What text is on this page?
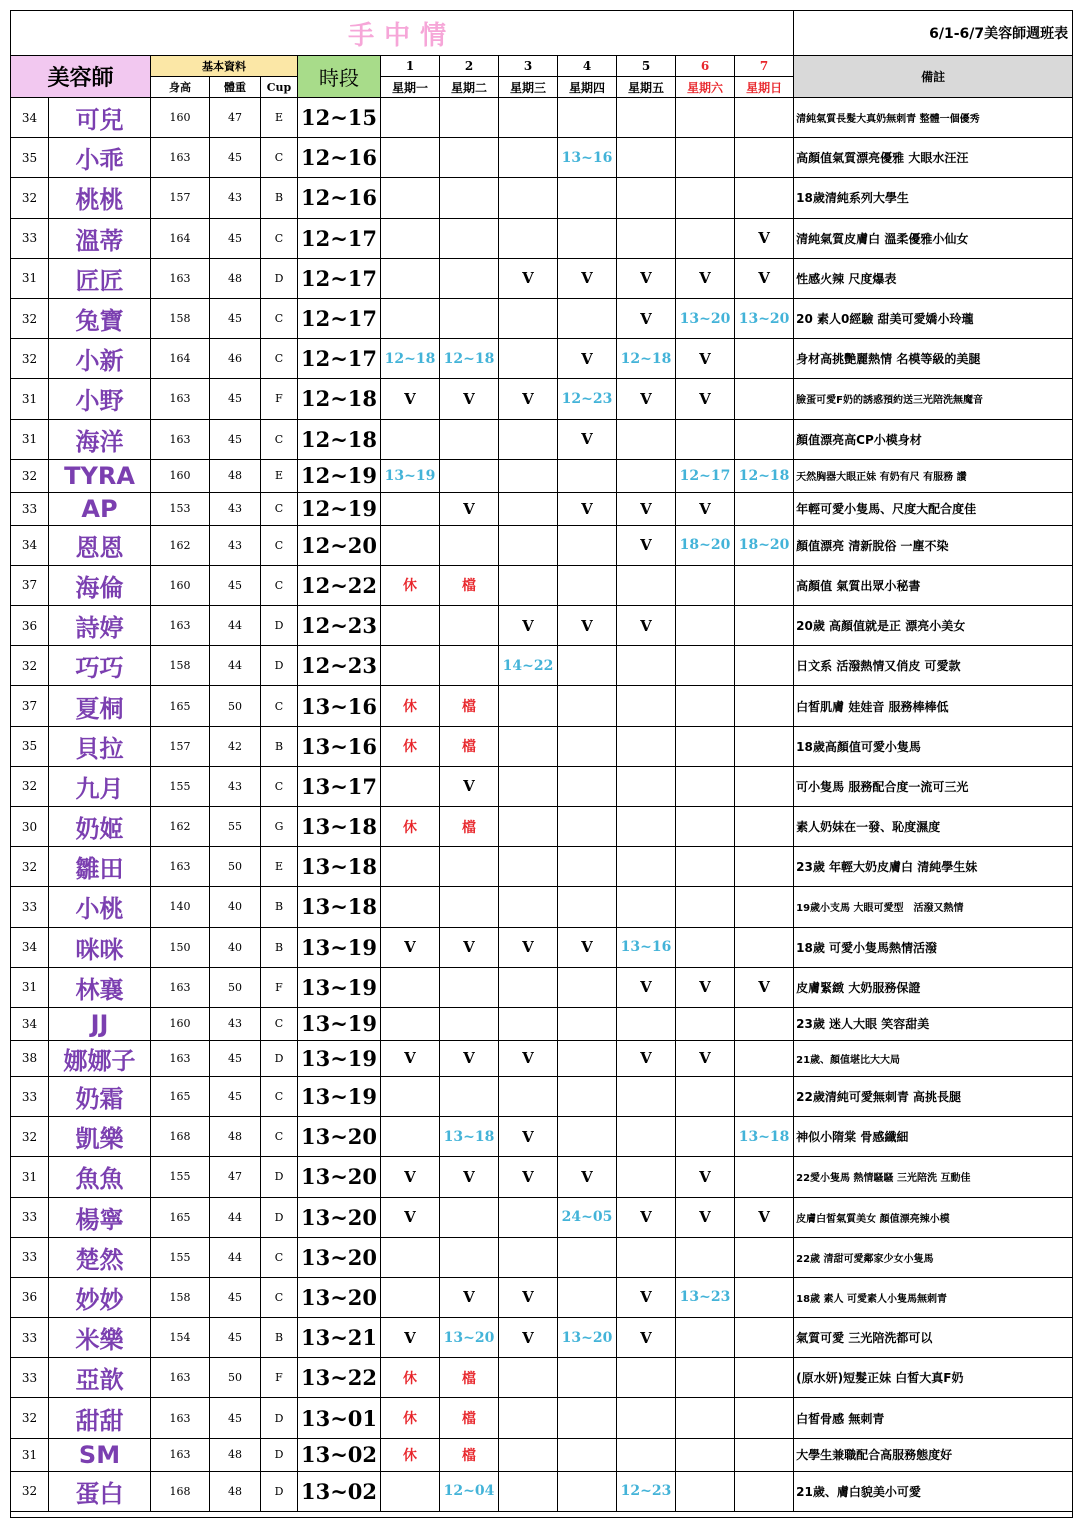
手中情													6/1-6/7美容師週班表
美容師		基本資料			時段	1	2	3	4	5	6	7	備註
		身高	體重	Cup		星期一	星期二	星期三	星期四	星期五	星期六	星期日	
34	可兒	160	47	E	12~15								清純氣質長髮大真奶無刺青 整體一個優秀
35	小乖	163	45	C	12~16				13~16				高顏值氣質漂亮優雅 大眼水汪汪
32	桃桃	157	43	B	12~16								18歲清純系列大學生
33	溫蒂	164	45	C	12~17							V	清純氣質皮膚白 溫柔優雅小仙女
31	匠匠	163	48	D	12~17			V	V	V	V	V	性感火辣 尺度爆表
32	兔寶	158	45	C	12~17					V	13~20	13~20	20 素人0經驗 甜美可愛嬌小玲瓏
32	小新	164	46	C	12~17	12~18	12~18		V	12~18	V		身材高挑艷麗熱情 名模等級的美腿
31	小野	163	45	F	12~18	V	V	V	12~23	V	V		臉蛋可愛F奶的誘惑預約送三光陪洗無魔音
31	海洋	163	45	C	12~18				V				顏值漂亮高CP小模身材
32	TYRA	160	48	E	12~19	13~19					12~17	12~18	天然胸器大眼正妹 有奶有尺 有服務 讚
33	AP	153	43	C	12~19		V		V	V	V		年輕可愛小隻馬、尺度大配合度佳
34	恩恩	162	43	C	12~20					V	18~20	18~20	顏值漂亮 清新脫俗 一塵不染
37	海倫	160	45	C	12~22	休	檔						高顏值 氣質出眾小秘書
36	詩婷	163	44	D	12~23			V	V	V			20歲 高顏值就是正 漂亮小美女
32	巧巧	158	44	D	12~23			14~22					日文系 活潑熱情又俏皮 可愛款
37	夏桐	165	50	C	13~16	休	檔						白皙肌膚 娃娃音 服務棒棒低
35	貝拉	157	42	B	13~16	休	檔						18歲高顏值可愛小隻馬
32	九月	155	43	C	13~17		V						可小隻馬 服務配合度一流可三光
30	奶姬	162	55	G	13~18	休	檔						素人奶妹在一發、恥度濕度
32	雛田	163	50	E	13~18								23歲 年輕大奶皮膚白 清純學生妹
33	小桃	140	40	B	13~18								19歲小支馬 大眼可愛型　活潑又熱情
34	咪咪	150	40	B	13~19	V	V	V	V	13~16			18歲 可愛小隻馬熱情活潑
31	林襄	163	50	F	13~19					V	V	V	皮膚緊緻 大奶服務保證
34	JJ	160	43	C	13~19								23歲 迷人大眼 笑容甜美
38	娜娜子	163	45	D	13~19	V	V	V		V	V		21歲、顏值堪比大大局
33	奶霜	165	45	C	13~19								22歲清純可愛無刺青 高挑長腿
32	凱樂	168	48	C	13~20		13~18	V				13~18	神似小隋棠 骨感纖細
31	魚魚	155	47	D	13~20	V	V	V	V		V		22愛小隻馬 熱情騷騷 三光陪洗 互動佳
33	楊寧	165	44	D	13~20	V			24~05	V	V	V	皮膚白皙氣質美女 顏值漂亮辣小模
33	楚然	155	44	C	13~20								22歲 清甜可愛鄰家少女小隻馬
36	妙妙	158	45	C	13~20		V	V		V	13~23		18歲 素人 可愛素人小隻馬無刺青
33	米樂	154	45	B	13~21	V	13~20	V	13~20	V			氣質可愛 三光陪洗都可以
33	亞歆	163	50	F	13~22	休	檔						(原水妍)短髮正妹 白皙大真F奶
32	甜甜	163	45	D	13~01	休	檔						白皙骨感 無刺青
31	SM	163	48	D	13~02	休	檔						大學生兼職配合高服務態度好
32	蛋白	168	48	D	13~02		12~04			12~23			21歲、膚白貌美小可愛
